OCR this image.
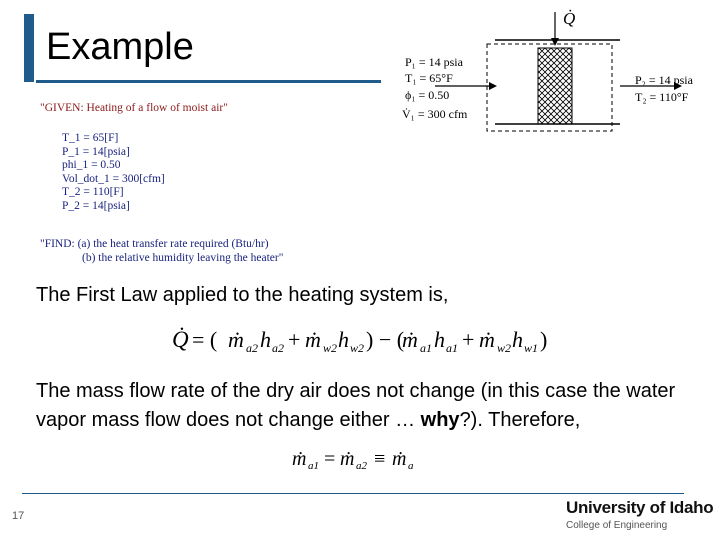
Example
"GIVEN: Heating of a flow of moist air"
T_1 = 65[F]
P_1 = 14[psia]
phi_1 = 0.50
Vol_dot_1 = 300[cfm]
T_2 = 110[F]
P_2 = 14[psia]
"FIND: (a) the heat transfer rate required (Btu/hr)
(b) the relative humidity leaving the heater"
Q̇
P₁ = 14 psia
T₁ = 65°F
ϕ₁ = 0.50
V̇₁ = 300 cfm
P₂ = 14 psia
T₂ = 110°F
The First Law applied to the heating system is,
Q̇ = ( ṁ a2 h a2 + ṁ w2 h w2 ) − (
ṁ a1 h a1 + ṁ w2 h w1 )
The mass flow rate of the dry air does not change (in this case the water vapor mass flow does not change either … why?). Therefore,
ṁ a1 = ṁ a2 ≡ ṁ a
17	University of Idaho
College of Engineering
